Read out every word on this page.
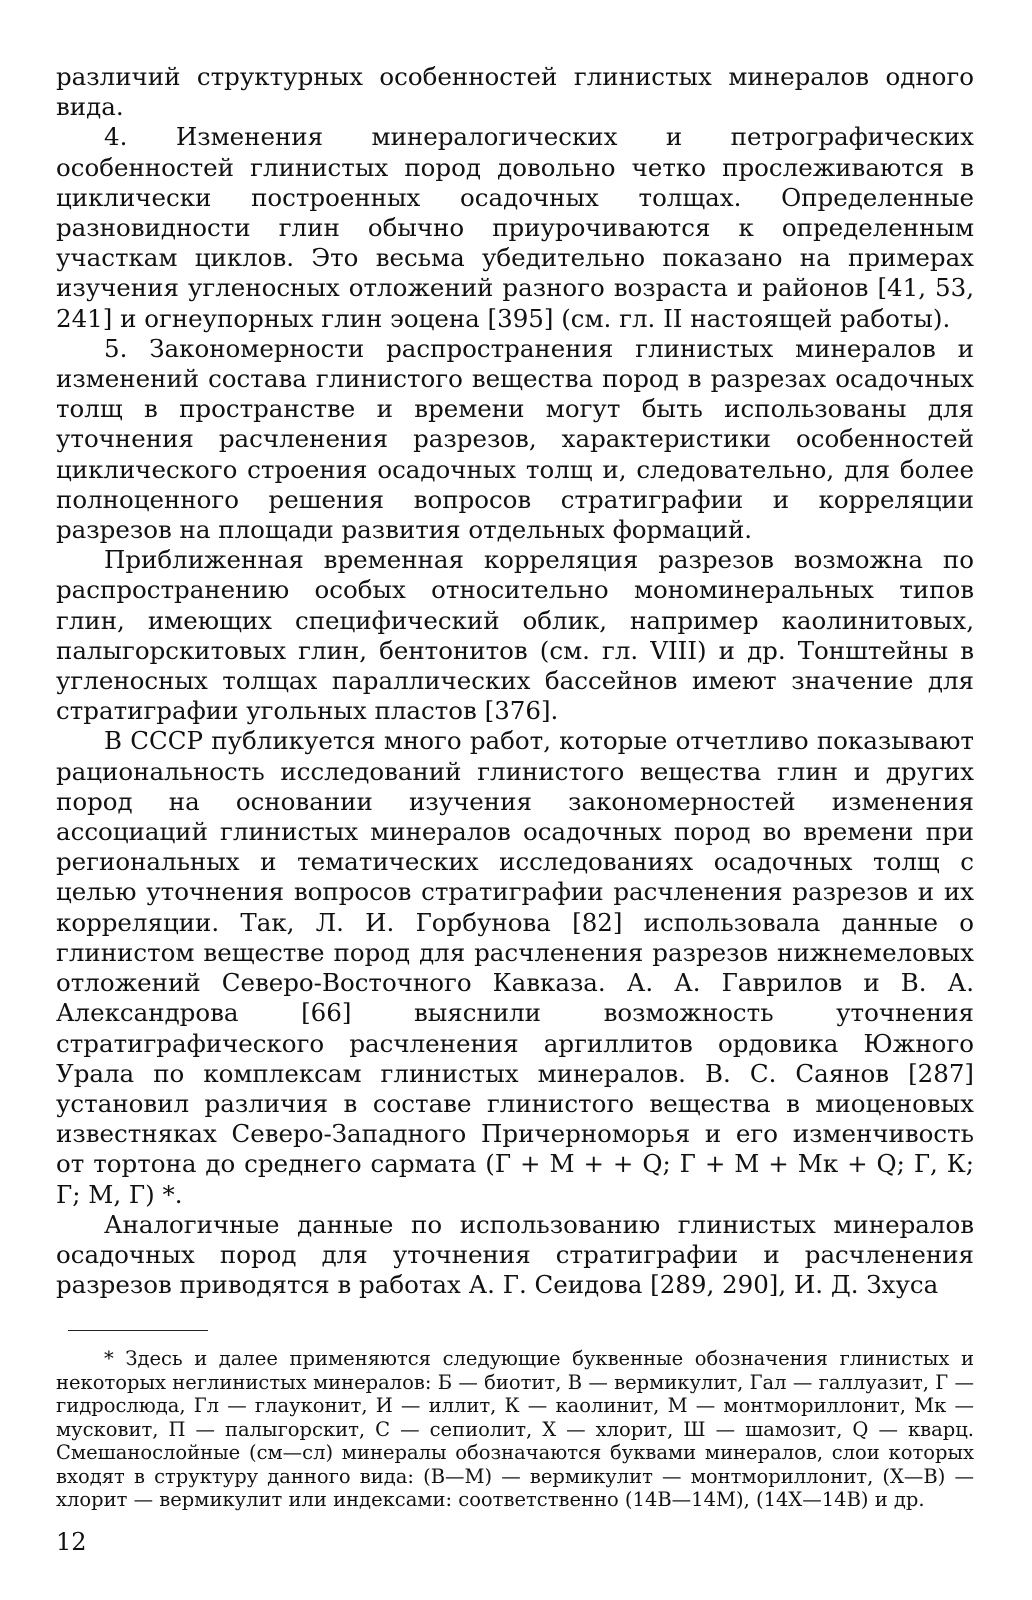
различий структурных особенностей глинистых минералов одного вида.

4. Изменения минералогических и петрографических особенностей глинистых пород довольно четко прослеживаются в циклически построенных осадочных толщах. Определенные разновидности глин обычно приурочиваются к определенным участкам циклов. Это весьма убедительно показано на примерах изучения угленосных отложений разного возраста и районов [41, 53, 241] и огнеупорных глин эоцена [395] (см. гл. II настоящей работы).

5. Закономерности распространения глинистых минералов и изменений состава глинистого вещества пород в разрезах осадочных толщ в пространстве и времени могут быть использованы для уточнения расчленения разрезов, характеристики особенностей циклического строения осадочных толщ и, следовательно, для более полноценного решения вопросов стратиграфии и корреляции разрезов на площади развития отдельных формаций.

Приближенная временная корреляция разрезов возможна по распространению особых относительно мономинеральных типов глин, имеющих специфический облик, например каолинитовых, палыгорскитовых глин, бентонитов (см. гл. VIII) и др. Тонштейны в угленосных толщах параллических бассейнов имеют значение для стратиграфии угольных пластов [376].

В СССР публикуется много работ, которые отчетливо показывают рациональность исследований глинистого вещества глин и других пород на основании изучения закономерностей изменения ассоциаций глинистых минералов осадочных пород во времени при региональных и тематических исследованиях осадочных толщ с целью уточнения вопросов стратиграфии расчленения разрезов и их корреляции. Так, Л. И. Горбунова [82] использовала данные о глинистом веществе пород для расчленения разрезов нижнемеловых отложений Северо-Восточного Кавказа. А. А. Гаврилов и В. А. Александрова [66] выяснили возможность уточнения стратиграфического расчленения аргиллитов ордовика Южного Урала по комплексам глинистых минералов. В. С. Саянов [287] установил различия в составе глинистого вещества в миоценовых известняках Северо-Западного Причерноморья и его изменчивость от тортона до среднего сармата (Г + М + + Q; Г + М + Мк + Q; Г, К; Г; М, Г) *.

Аналогичные данные по использованию глинистых минералов осадочных пород для уточнения стратиграфии и расчленения разрезов приводятся в работах А. Г. Сеидова [289, 290], И. Д. Зхуса

* Здесь и далее применяются следующие буквенные обозначения глинистых и некоторых неглинистых минералов: Б — биотит, В — вермикулит, Гал — галлуазит, Г — гидрослюда, Гл — глауконит, И — иллит, К — каолинит, М — монтмориллонит, Мк — мусковит, П — палыгорскит, С — сепиолит, Х — хлорит, Ш — шамозит, Q — кварц. Смешанослойные (см—сл) минералы обозначаются буквами минералов, слои которых входят в структуру данного вида: (В—М) — вермикулит — монтмориллонит, (Х—В) — хлорит — вермикулит или индексами: соответственно (14В—14М), (14Х—14В) и др.

12
